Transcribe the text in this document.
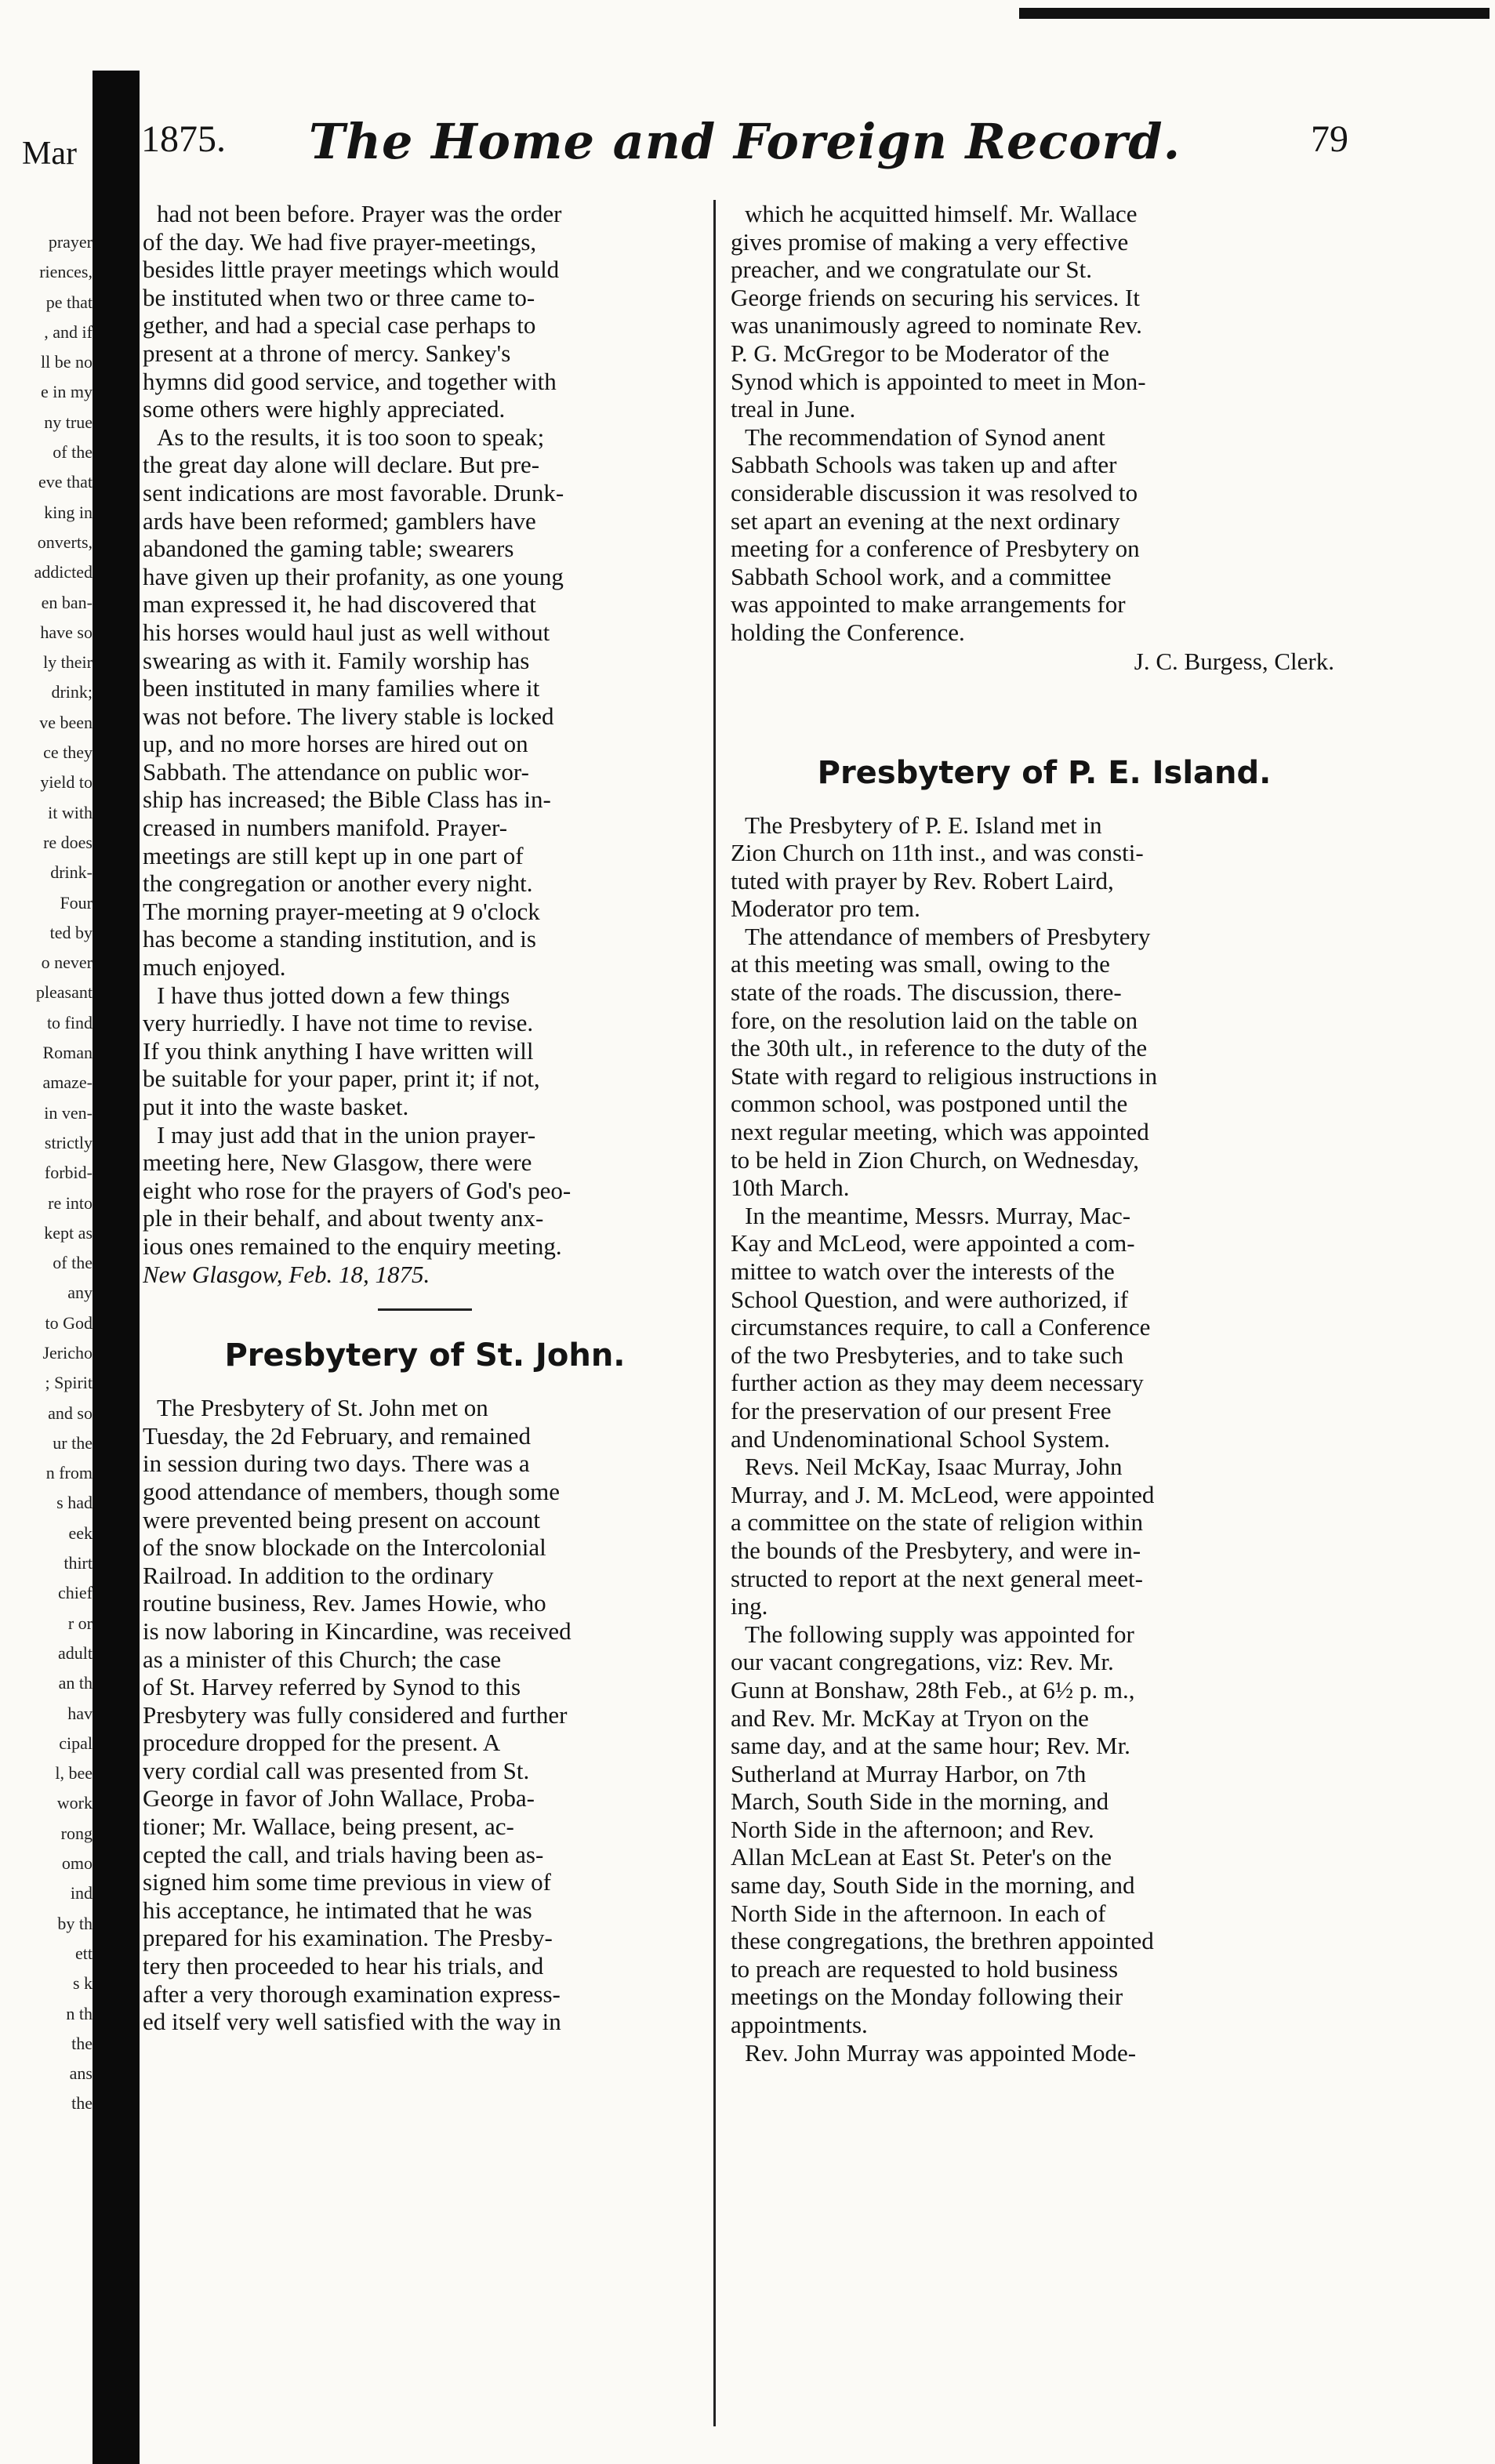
Mar
prayer
riences,
pe that
, and if
ll be no
e in my
ny true
of the
eve that
king in
onverts,
addicted
en ban-
have so
ly their
drink;
ve been
ce they
yield to
it with
re does
drink-
Four
ted by
o never
pleasant
to find
Roman
amaze-
in ven-
strictly
forbid-
re into
kept as
of the
any
to God
Jericho
; Spirit
and so
ur the
n from
s had
eek
thirt
chief
r or
adult
an th
hav
cipal
l, bee
work
rong
omo
ind
by th
ett
s k
n th
the
ans
the
1875.	The Home and Foreign Record.	79
had not been before. Prayer was the order
of the day. We had five prayer-meetings,
besides little prayer meetings which would
be instituted when two or three came to-
gether, and had a special case perhaps to
present at a throne of mercy. Sankey's
hymns did good service, and together with
some others were highly appreciated.
As to the results, it is too soon to speak;
the great day alone will declare. But pre-
sent indications are most favorable. Drunk-
ards have been reformed; gamblers have
abandoned the gaming table; swearers
have given up their profanity, as one young
man expressed it, he had discovered that
his horses would haul just as well without
swearing as with it. Family worship has
been instituted in many families where it
was not before. The livery stable is locked
up, and no more horses are hired out on
Sabbath. The attendance on public wor-
ship has increased; the Bible Class has in-
creased in numbers manifold. Prayer-
meetings are still kept up in one part of
the congregation or another every night.
The morning prayer-meeting at 9 o'clock
has become a standing institution, and is
much enjoyed.
I have thus jotted down a few things
very hurriedly. I have not time to revise.
If you think anything I have written will
be suitable for your paper, print it; if not,
put it into the waste basket.
I may just add that in the union prayer-
meeting here, New Glasgow, there were
eight who rose for the prayers of God's peo-
ple in their behalf, and about twenty anx-
ious ones remained to the enquiry meeting.
New Glasgow, Feb. 18, 1875.
Presbytery of St. John.
The Presbytery of St. John met on
Tuesday, the 2d February, and remained
in session during two days. There was a
good attendance of members, though some
were prevented being present on account
of the snow blockade on the Intercolonial
Railroad. In addition to the ordinary
routine business, Rev. James Howie, who
is now laboring in Kincardine, was received
as a minister of this Church; the case
of St. Harvey referred by Synod to this
Presbytery was fully considered and further
procedure dropped for the present. A
very cordial call was presented from St.
George in favor of John Wallace, Proba-
tioner; Mr. Wallace, being present, ac-
cepted the call, and trials having been as-
signed him some time previous in view of
his acceptance, he intimated that he was
prepared for his examination. The Presby-
tery then proceeded to hear his trials, and
after a very thorough examination express-
ed itself very well satisfied with the way in
which he acquitted himself. Mr. Wallace
gives promise of making a very effective
preacher, and we congratulate our St.
George friends on securing his services. It
was unanimously agreed to nominate Rev.
P. G. McGregor to be Moderator of the
Synod which is appointed to meet in Mon-
treal in June.
The recommendation of Synod anent
Sabbath Schools was taken up and after
considerable discussion it was resolved to
set apart an evening at the next ordinary
meeting for a conference of Presbytery on
Sabbath School work, and a committee
was appointed to make arrangements for
holding the Conference.
J. C. Burgess, Clerk.
Presbytery of P. E. Island.
The Presbytery of P. E. Island met in
Zion Church on 11th inst., and was consti-
tuted with prayer by Rev. Robert Laird,
Moderator pro tem.
The attendance of members of Presbytery
at this meeting was small, owing to the
state of the roads. The discussion, there-
fore, on the resolution laid on the table on
the 30th ult., in reference to the duty of the
State with regard to religious instructions in
common school, was postponed until the
next regular meeting, which was appointed
to be held in Zion Church, on Wednesday,
10th March.
In the meantime, Messrs. Murray, Mac-
Kay and McLeod, were appointed a com-
mittee to watch over the interests of the
School Question, and were authorized, if
circumstances require, to call a Conference
of the two Presbyteries, and to take such
further action as they may deem necessary
for the preservation of our present Free
and Undenominational School System.
Revs. Neil McKay, Isaac Murray, John
Murray, and J. M. McLeod, were appointed
a committee on the state of religion within
the bounds of the Presbytery, and were in-
structed to report at the next general meet-
ing.
The following supply was appointed for
our vacant congregations, viz: Rev. Mr.
Gunn at Bonshaw, 28th Feb., at 6½ p. m.,
and Rev. Mr. McKay at Tryon on the
same day, and at the same hour; Rev. Mr.
Sutherland at Murray Harbor, on 7th
March, South Side in the morning, and
North Side in the afternoon; and Rev.
Allan McLean at East St. Peter's on the
same day, South Side in the morning, and
North Side in the afternoon. In each of
these congregations, the brethren appointed
to preach are requested to hold business
meetings on the Monday following their
appointments.
Rev. John Murray was appointed Mode-
